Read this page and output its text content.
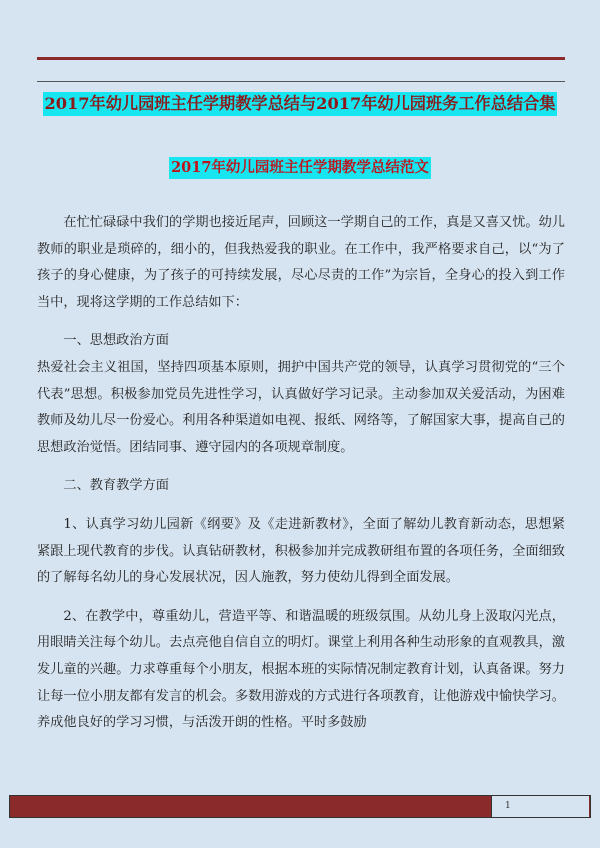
2017年幼儿园班主任学期教学总结与2017年幼儿园班务工作总结合集
2017年幼儿园班主任学期教学总结范文

在忙忙碌碌中我们的学期也接近尾声，回顾这一学期自己的工作，真是又喜又忧。幼儿教师的职业是琐碎的，细小的，但我热爱我的职业。在工作中，我严格要求自己，以“为了孩子的身心健康，为了孩子的可持续发展，尽心尽责的工作”为宗旨，全身心的投入到工作当中，现将这学期的工作总结如下：

一、思想政治方面

热爱社会主义祖国，坚持四项基本原则，拥护中国共产党的领导，认真学习贯彻党的“三个代表”思想。积极参加党员先进性学习，认真做好学习记录。主动参加双关爱活动，为困难教师及幼儿尽一份爱心。利用各种渠道如电视、报纸、网络等，了解国家大事，提高自己的思想政治觉悟。团结同事、遵守园内的各项规章制度。

二、教育教学方面

1、认真学习幼儿园新《纲要》及《走进新教材》，全面了解幼儿教育新动态，思想紧紧跟上现代教育的步伐。认真钻研教材，积极参加并完成教研组布置的各项任务，全面细致的了解每名幼儿的身心发展状况，因人施教，努力使幼儿得到全面发展。

2、在教学中，尊重幼儿，营造平等、和谐温暖的班级氛围。从幼儿身上汲取闪光点，用眼睛关注每个幼儿。去点亮他自信自立的明灯。课堂上利用各种生动形象的直观教具，激发儿童的兴趣。力求尊重每个小朋友，根据本班的实际情况制定教育计划，认真备课。努力让每一位小朋友都有发言的机会。多数用游戏的方式进行各项教育，让他游戏中愉快学习。养成他良好的学习习惯，与活泼开朗的性格。平时多鼓励

1
